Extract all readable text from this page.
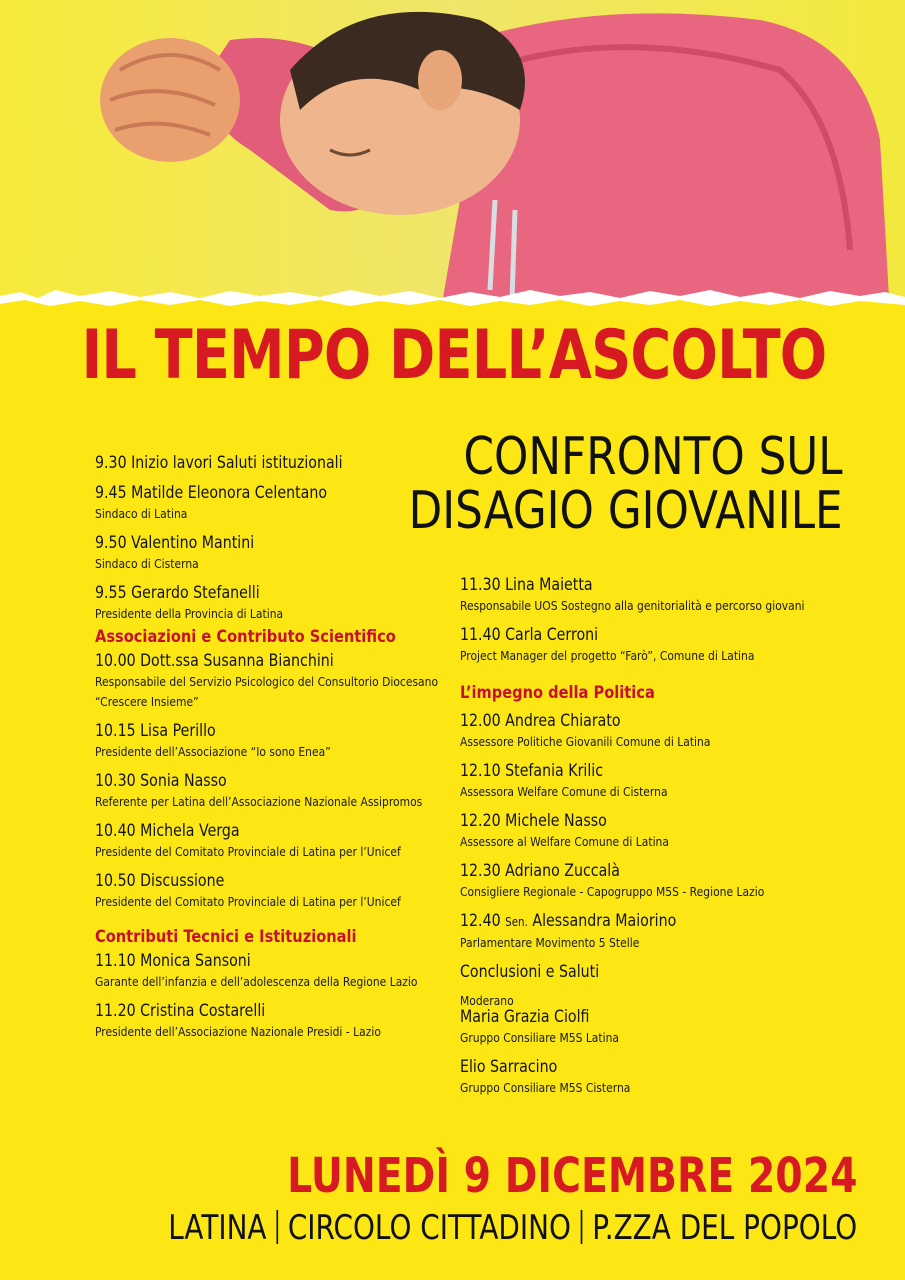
IL TEMPO DELL’ASCOLTO
CONFRONTO SUL
DISAGIO GIOVANILE
9.30 Inizio lavori Saluti istituzionali
9.45 Matilde Eleonora Celentano
Sindaco di Latina
9.50 Valentino Mantini
Sindaco di Cisterna
9.55 Gerardo Stefanelli
Presidente della Provincia di Latina
Associazioni e Contributo Scientifico
10.00 Dott.ssa Susanna Bianchini
Responsabile del Servizio Psicologico del Consultorio Diocesano
“Crescere Insieme”
10.15 Lisa Perillo
Presidente dell’Associazione “Io sono Enea”
10.30 Sonia Nasso
Referente per Latina dell’Associazione Nazionale Assipromos
10.40 Michela Verga
Presidente del Comitato Provinciale di Latina per l’Unicef
10.50 Discussione
Presidente del Comitato Provinciale di Latina per l’Unicef
Contributi Tecnici e Istituzionali
11.10 Monica Sansoni
Garante dell’infanzia e dell’adolescenza della Regione Lazio
11.20 Cristina Costarelli
Presidente dell’Associazione Nazionale Presidi - Lazio
11.30 Lina Maietta
Responsabile UOS Sostegno alla genitorialità e percorso giovani
11.40 Carla Cerroni
Project Manager del progetto “Farò”, Comune di Latina
L’impegno della Politica
12.00 Andrea Chiarato
Assessore Politiche Giovanili Comune di Latina
12.10 Stefania Krilic
Assessora Welfare Comune di Cisterna
12.20 Michele Nasso
Assessore al Welfare Comune di Latina
12.30 Adriano Zuccalà
Consigliere Regionale - Capogruppo M5S - Regione Lazio
12.40 Sen. Alessandra Maiorino
Parlamentare Movimento 5 Stelle
Conclusioni e Saluti
Moderano
Maria Grazia Ciolfi
Gruppo Consiliare M5S Latina
Elio Sarracino
Gruppo Consiliare M5S Cisterna
LUNEDÌ 9 DICEMBRE 2024
LATINA CIRCOLO CITTADINO P.ZZA DEL POPOLO
